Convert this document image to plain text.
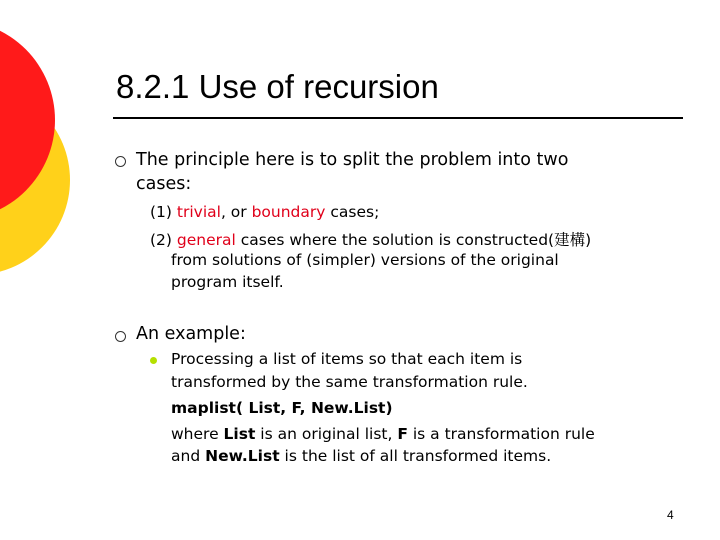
8.2.1 Use of recursion
The principle here is to split the problem into two
cases:
(1) trivial, or boundary cases;
(2) general cases where the solution is constructed(建構)
from solutions of (simpler) versions of the original
program itself.
An example:
Processing a list of items so that each item is
transformed by the same transformation rule.
maplist( List, F, New.List)
where List is an original list, F is a transformation rule
and New.List is the list of all transformed items.
4
